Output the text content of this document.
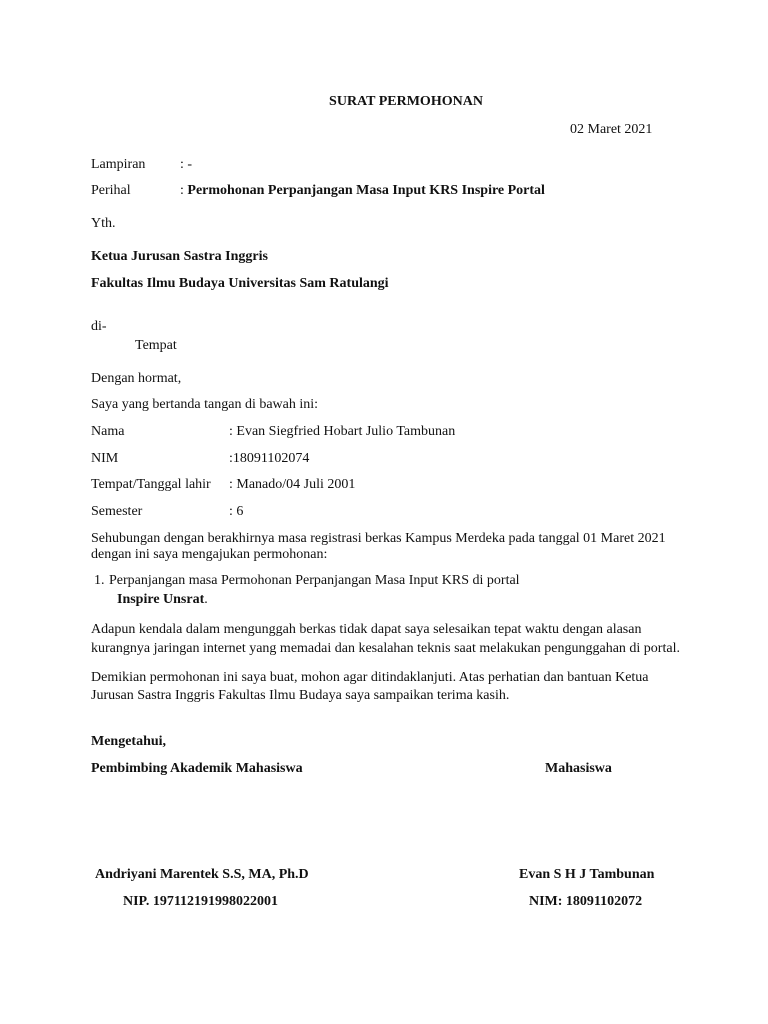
SURAT PERMOHONAN
02 Maret 2021
Lampiran : -
Perihal	: Permohonan Perpanjangan Masa Input KRS Inspire Portal
Yth.
Ketua Jurusan Sastra Inggris
Fakultas Ilmu Budaya Universitas Sam Ratulangi
di-
Tempat
Dengan hormat,
Saya yang bertanda tangan di bawah ini:
Nama	: Evan Siegfried Hobart Julio Tambunan
NIM	:18091102074
Tempat/Tanggal lahir : Manado/04 Juli 2001
Semester	: 6
Sehubungan dengan berakhirnya masa registrasi berkas Kampus Merdeka pada tanggal 01 Maret 2021
dengan ini saya mengajukan permohonan:
1. Perpanjangan masa Permohonan Perpanjangan Masa Input KRS di portal
Inspire Unsrat.
Adapun kendala dalam mengunggah berkas tidak dapat saya selesaikan tepat waktu dengan alasan
kurangnya jaringan internet yang memadai dan kesalahan teknis saat melakukan pengunggahan di portal.
Demikian permohonan ini saya buat, mohon agar ditindaklanjuti. Atas perhatian dan bantuan Ketua
Jurusan Sastra Inggris Fakultas Ilmu Budaya saya sampaikan terima kasih.
Mengetahui,
Pembimbing Akademik Mahasiswa	Mahasiswa
Andriyani Marentek S.S, MA, Ph.D	Evan S H J Tambunan
NIP. 197112191998022001	NIM: 18091102072
